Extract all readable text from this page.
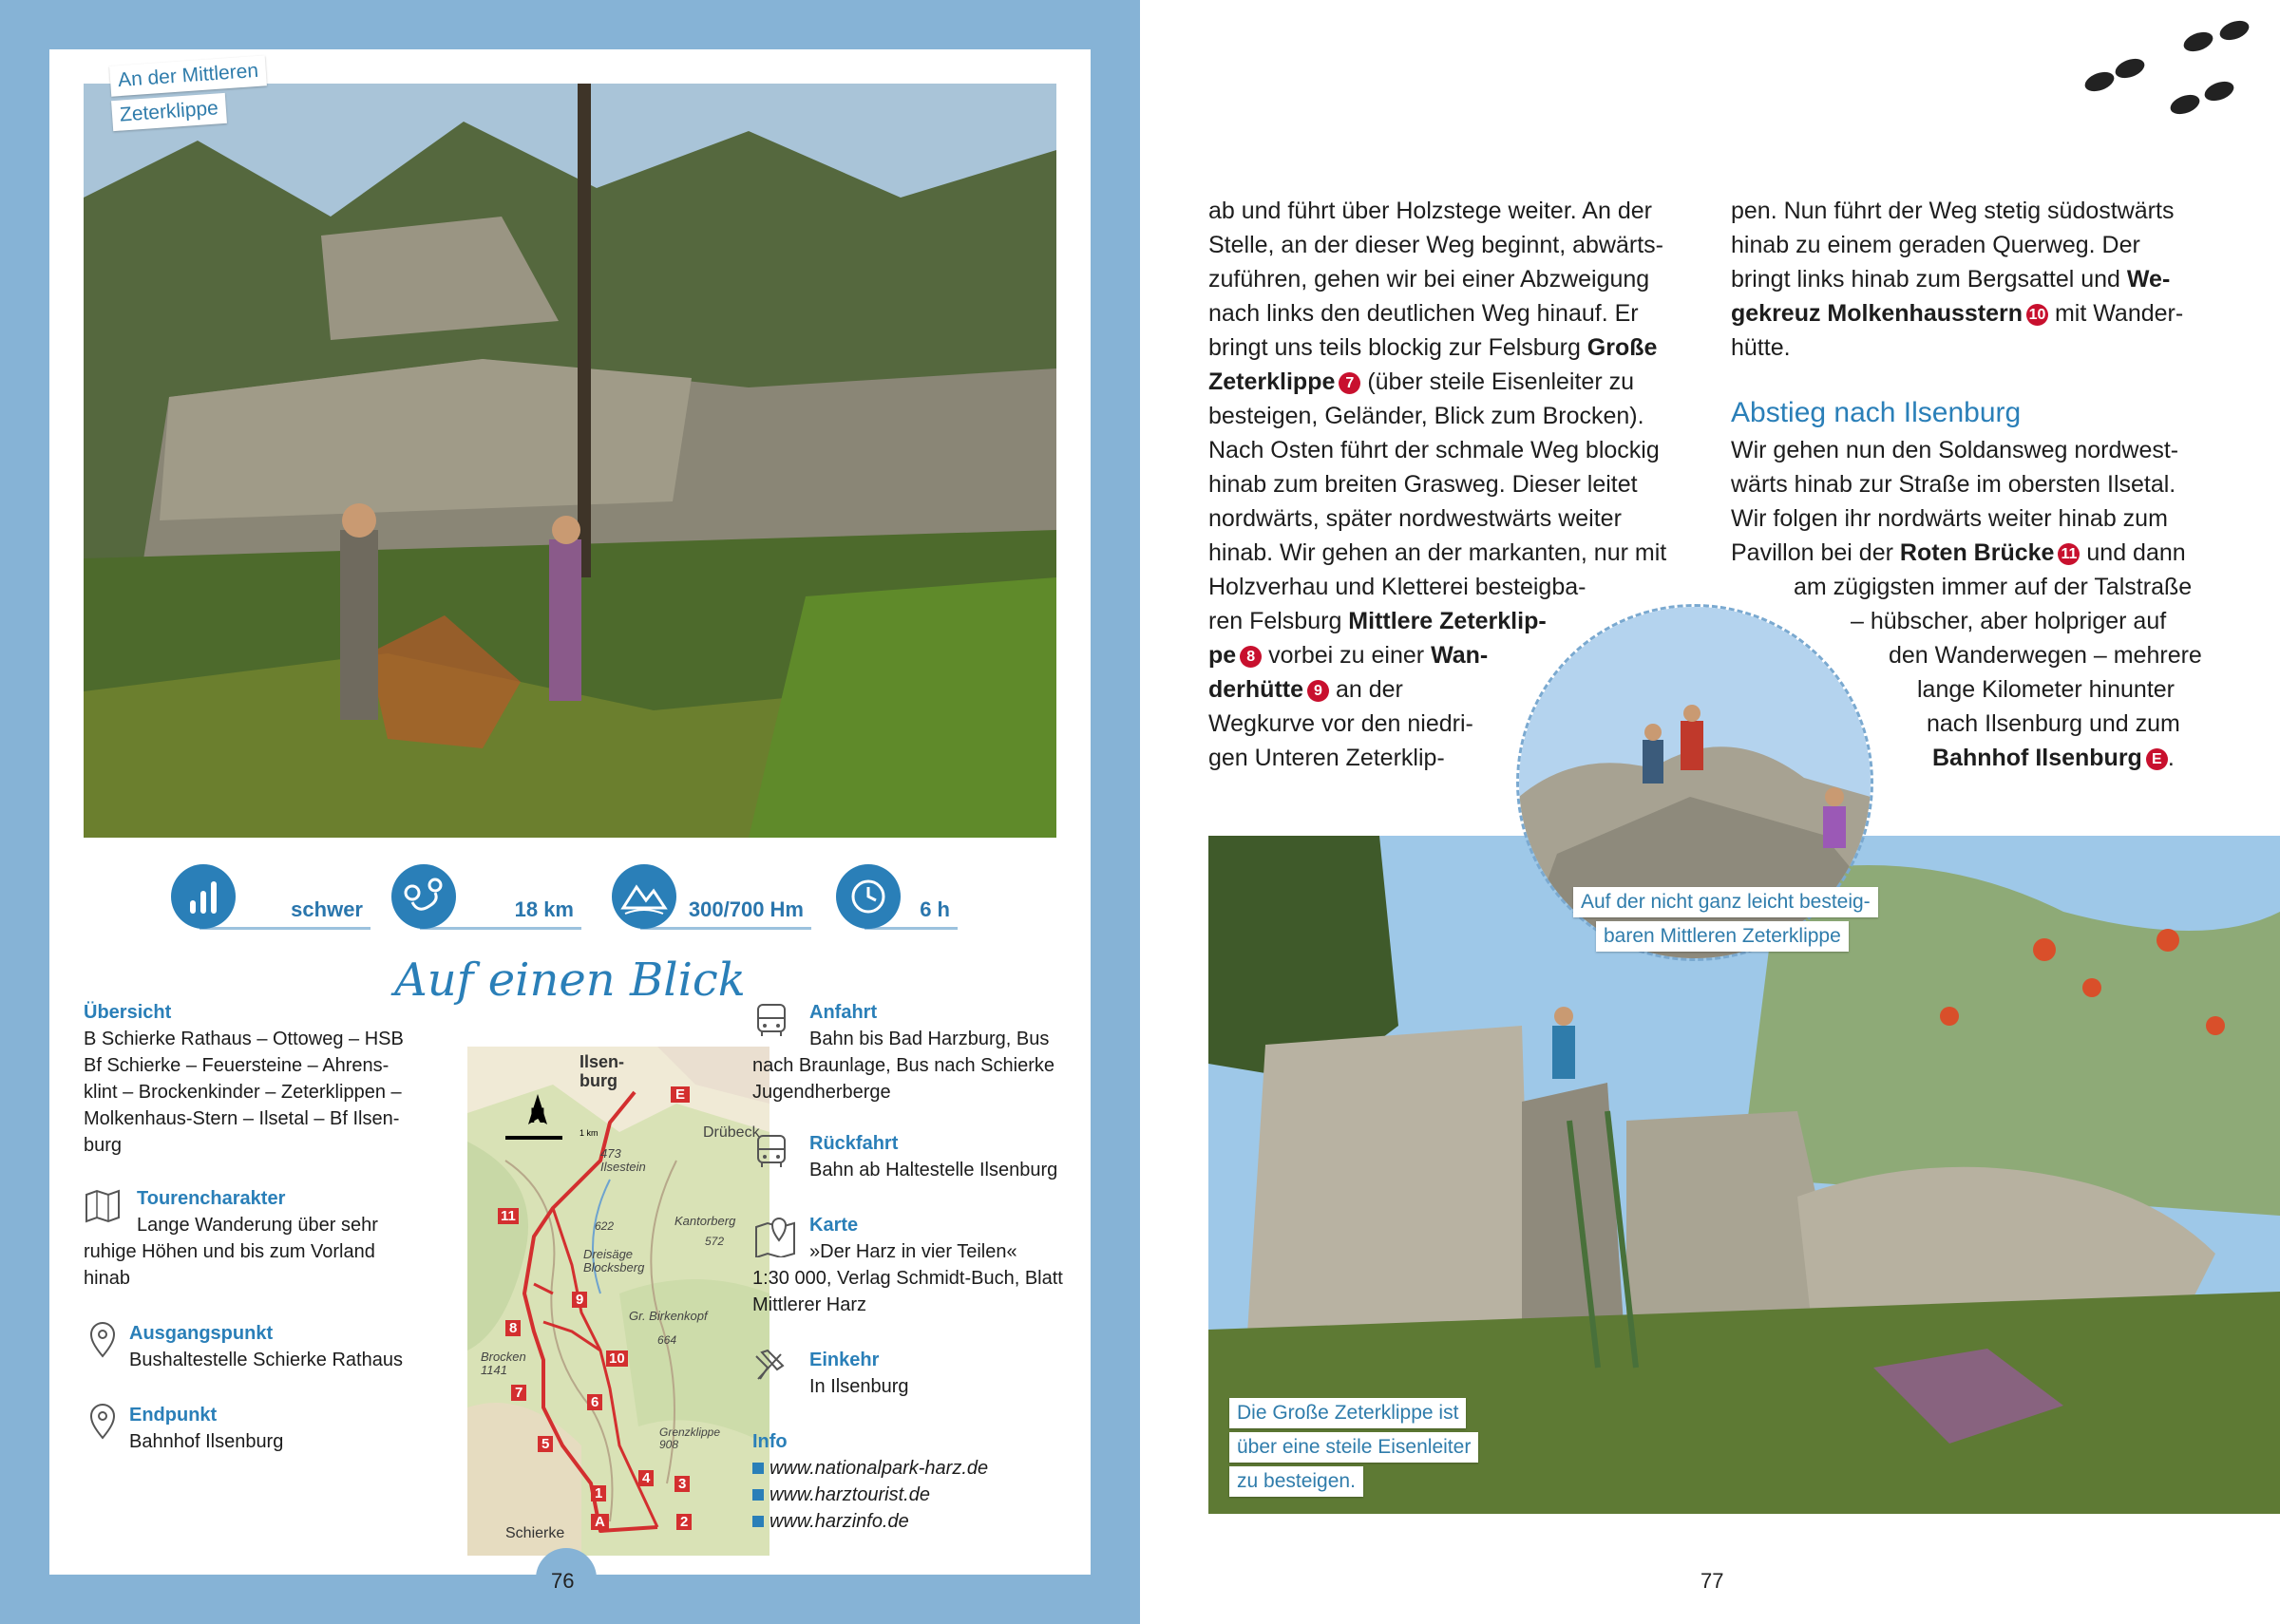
An der Mittleren
Zeterklippe
schwer	18 km	300/700 Hm	6 h
Auf einen Blick
Übersicht
B Schierke Rathaus – Ottoweg – HSB
Bf Schierke – Feuersteine – Ahrens-
klint – Brockenkinder – Zeterklippen –
Molkenhaus-Stern – Ilsetal – Bf Ilsen-
burg
Tourencharakter
Lange Wanderung über sehr
ruhige Höhen und bis zum Vorland
hinab
Ausgangspunkt
Bushaltestelle Schierke Rathaus
Endpunkt
Bahnhof Ilsenburg
Ilsen-
burg
N
1 km	Drübeck
473
Ilsestein
Kantorberg
572
622
Dreisäge
Blocksberg
Gr. Birkenkopf
664
Brocken
1141
Grenzklippe
908
Schierke
E
11
9
8
10
7
6
5
4 3
1
2
A
Anfahrt
Bahn bis Bad Harzburg, Bus
nach Braunlage, Bus nach Schierke
Jugendherberge
Rückfahrt
Bahn ab Haltestelle Ilsenburg
Karte
»Der Harz in vier Teilen«
1:30 000, Verlag Schmidt-Buch, Blatt
Mittlerer Harz
Einkehr
In Ilsenburg
Info
www.nationalpark-harz.de
www.harztourist.de
www.harzinfo.de
76
ab und führt über Holzstege weiter. An der
Stelle, an der dieser Weg beginnt, abwärts-
zuführen, gehen wir bei einer Abzweigung
nach links den deutlichen Weg hinauf. Er
bringt uns teils blockig zur Felsburg Große
Zeterklippe 7 (über steile Eisenleiter zu
besteigen, Geländer, Blick zum Brocken).
Nach Osten führt der schmale Weg blockig
hinab zum breiten Grasweg. Dieser leitet
nordwärts, später nordwestwärts weiter
hinab. Wir gehen an der markanten, nur mit
Holzverhau und Kletterei besteigba-
ren Felsburg Mittlere Zeterklip-
pe 8 vorbei zu einer Wan-
derhütte 9 an der
Wegkurve vor den niedri-
gen Unteren Zeterklip-
pen. Nun führt der Weg stetig südostwärts
hinab zu einem geraden Querweg. Der
bringt links hinab zum Bergsattel und We-
gekreuz Molkenhausstern 10 mit Wander-
hütte.
Abstieg nach Ilsenburg
Wir gehen nun den Soldansweg nordwest-
wärts hinab zur Straße im obersten Ilsetal.
Wir folgen ihr nordwärts weiter hinab zum
Pavillon bei der Roten Brücke 11 und dann
am zügigsten immer auf der Talstraße
– hübscher, aber holpriger auf
den Wanderwegen – mehrere
lange Kilometer hinunter
nach Ilsenburg und zum
Bahnhof Ilsenburg E .
Die Große Zeterklippe ist
über eine steile Eisenleiter
zu besteigen.
Auf der nicht ganz leicht besteig-
baren Mittleren Zeterklippe
77
